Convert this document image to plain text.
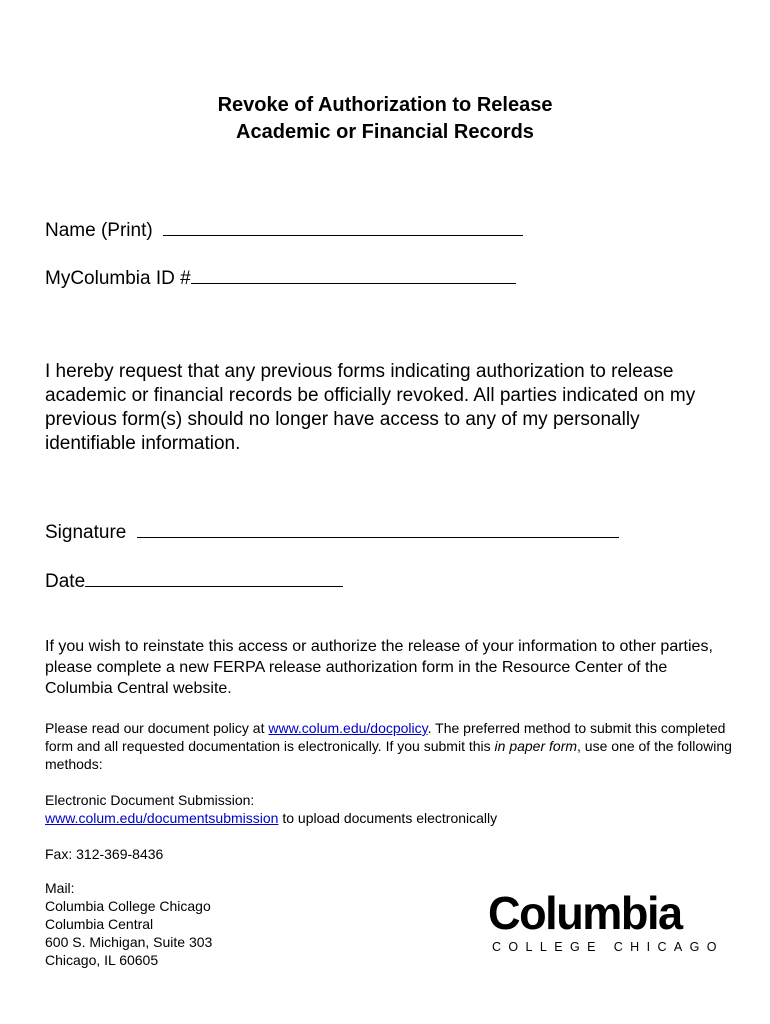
Revoke of Authorization to Release
Academic or Financial Records
Name (Print)
MyColumbia ID #
I hereby request that any previous forms indicating authorization to release academic or financial records be officially revoked. All parties indicated on my previous form(s) should no longer have access to any of my personally identifiable information.
Signature
Date
If you wish to reinstate this access or authorize the release of your information to other parties, please complete a new FERPA release authorization form in the Resource Center of the Columbia Central website.
Please read our document policy at www.colum.edu/docpolicy. The preferred method to submit this completed form and all requested documentation is electronically. If you submit this in paper form, use one of the following methods:
Electronic Document Submission:
www.colum.edu/documentsubmission to upload documents electronically
Fax: 312-369-8436
Mail:
Columbia College Chicago
Columbia Central
600 S. Michigan, Suite 303
Chicago, IL 60605
Columbia
COLLEGE CHICAGO
